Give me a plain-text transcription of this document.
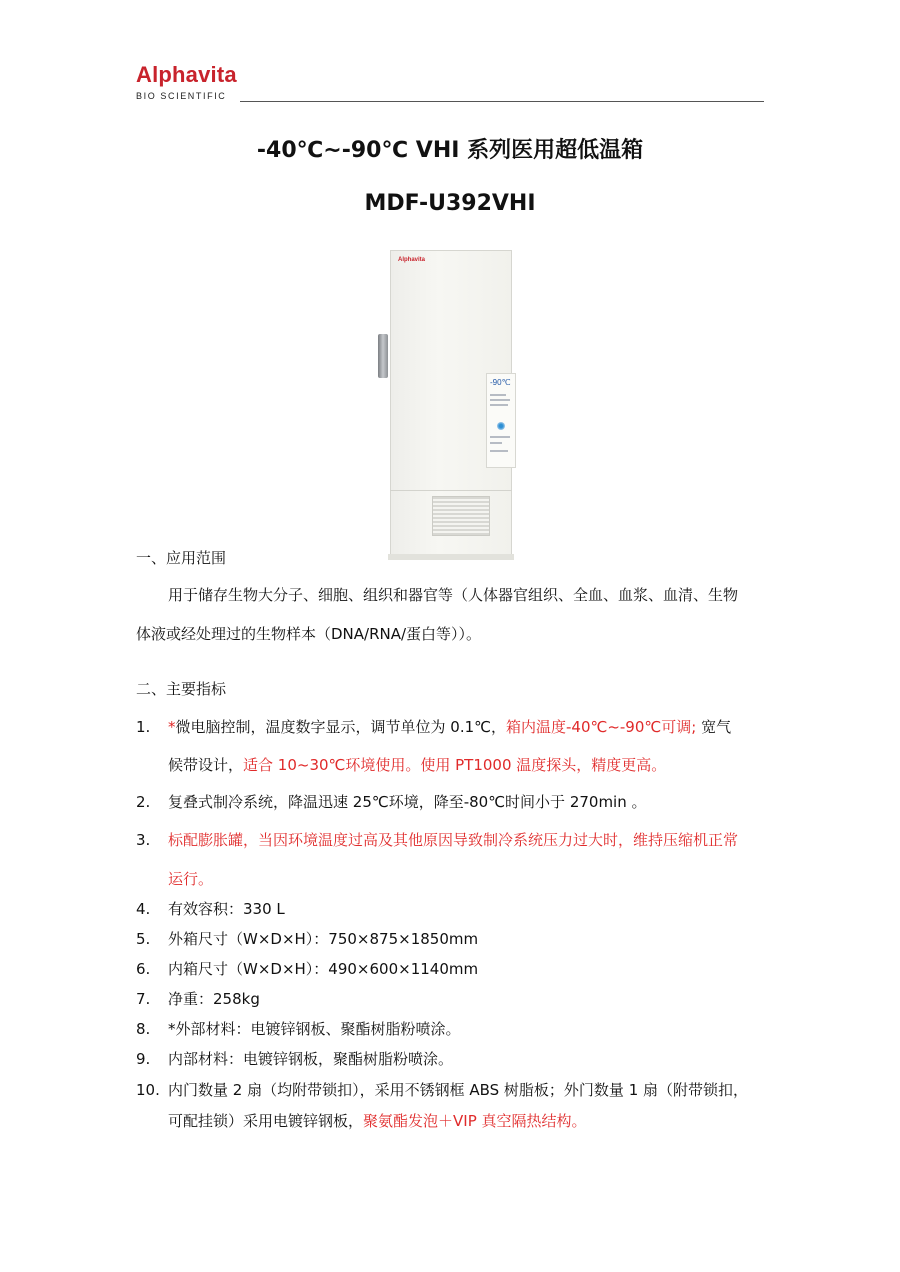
Alphavita
BIO SCIENTIFIC
-40℃~-90℃ VHI 系列医用超低温箱
MDF-U392VHI
Alphavita
-90℃
一、应用范围
用于储存生物大分子、细胞、组织和器官等（人体器官组织、全血、血浆、血清、生物
体液或经处理过的生物样本（DNA/RNA/蛋白等））。
二、主要指标
1. *微电脑控制，温度数字显示，调节单位为 0.1℃，箱内温度-40℃~-90℃可调; 宽气
候带设计，适合 10~30℃环境使用。使用 PT1000 温度探头，精度更高。
2. 复叠式制冷系统，降温迅速 25℃环境，降至-80℃时间小于 270min 。
3. 标配膨胀罐，当因环境温度过高及其他原因导致制冷系统压力过大时，维持压缩机正常
运行。
4. 有效容积：330 L
5. 外箱尺寸（W×D×H）：750×875×1850mm
6. 内箱尺寸（W×D×H）：490×600×1140mm
7. 净重：258kg
8. *外部材料：电镀锌钢板、聚酯树脂粉喷涂。
9. 内部材料：电镀锌钢板，聚酯树脂粉喷涂。
10. 内门数量 2 扇（均附带锁扣），采用不锈钢框 ABS 树脂板；外门数量 1 扇（附带锁扣，
可配挂锁）采用电镀锌钢板，聚氨酯发泡＋VIP 真空隔热结构。
